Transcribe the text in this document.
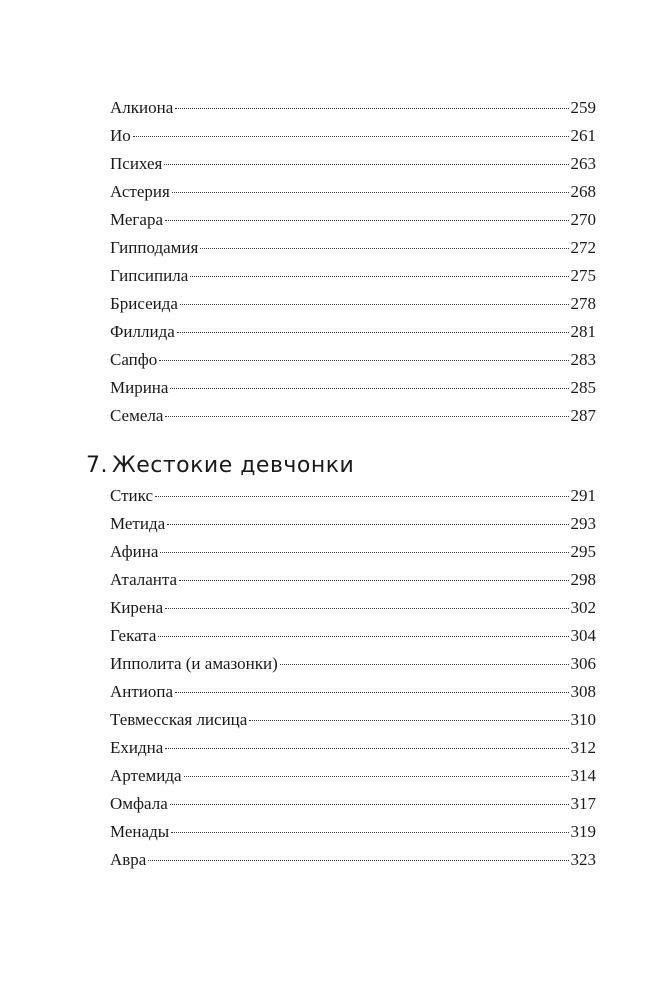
Алкиона	259
Ио	261
Психея	263
Астерия	268
Мегара	270
Гипподамия	272
Гипсипила	275
Брисеида	278
Филлида	281
Сапфо	283
Мирина	285
Семела	287
7. Жестокие девчонки
Стикс	291
Метида	293
Афина	295
Аталанта	298
Кирена	302
Геката	304
Ипполита (и амазонки)	306
Антиопа	308
Тевмесская лисица	310
Ехидна	312
Артемида	314
Омфала	317
Менады	319
Авра	323
